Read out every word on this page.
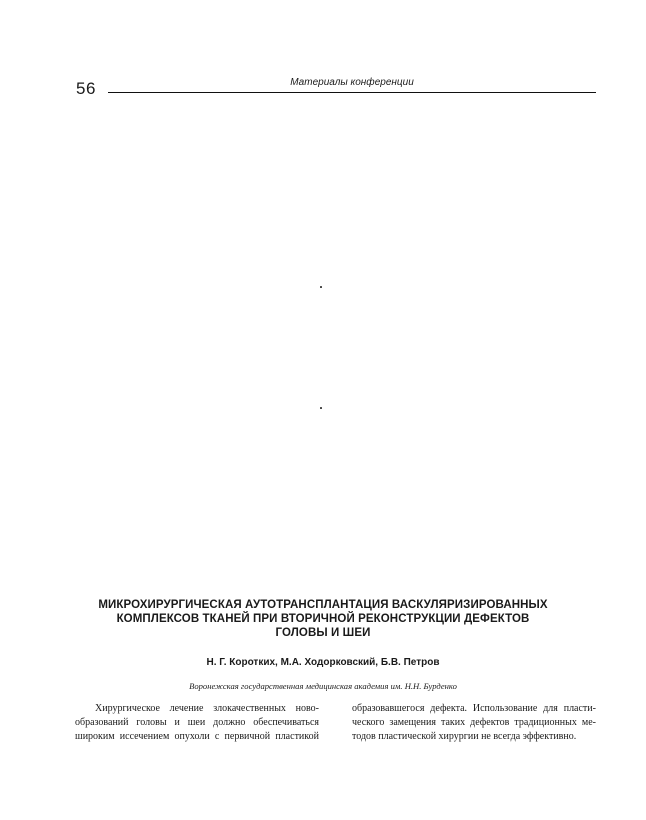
56	Материалы конференции
МИКРОХИРУРГИЧЕСКАЯ АУТОТРАНСПЛАНТАЦИЯ ВАСКУЛЯРИЗИРОВАННЫХ
КОМПЛЕКСОВ ТКАНЕЙ ПРИ ВТОРИЧНОЙ РЕКОНСТРУКЦИИ ДЕФЕКТОВ
ГОЛОВЫ И ШЕИ
Н. Г. Коротких, М.А. Ходорковский, Б.В. Петров
Воронежская государственная медицинская академия им. Н.Н. Бурденко
Хирургическое лечение злокачественных ново-
образований головы и шеи должно обеспечиваться
широким иссечением опухоли с первичной пластикой
образовавшегося дефекта. Использование для пласти-
ческого замещения таких дефектов традиционных ме-
тодов пластической хирургии не всегда эффективно.
